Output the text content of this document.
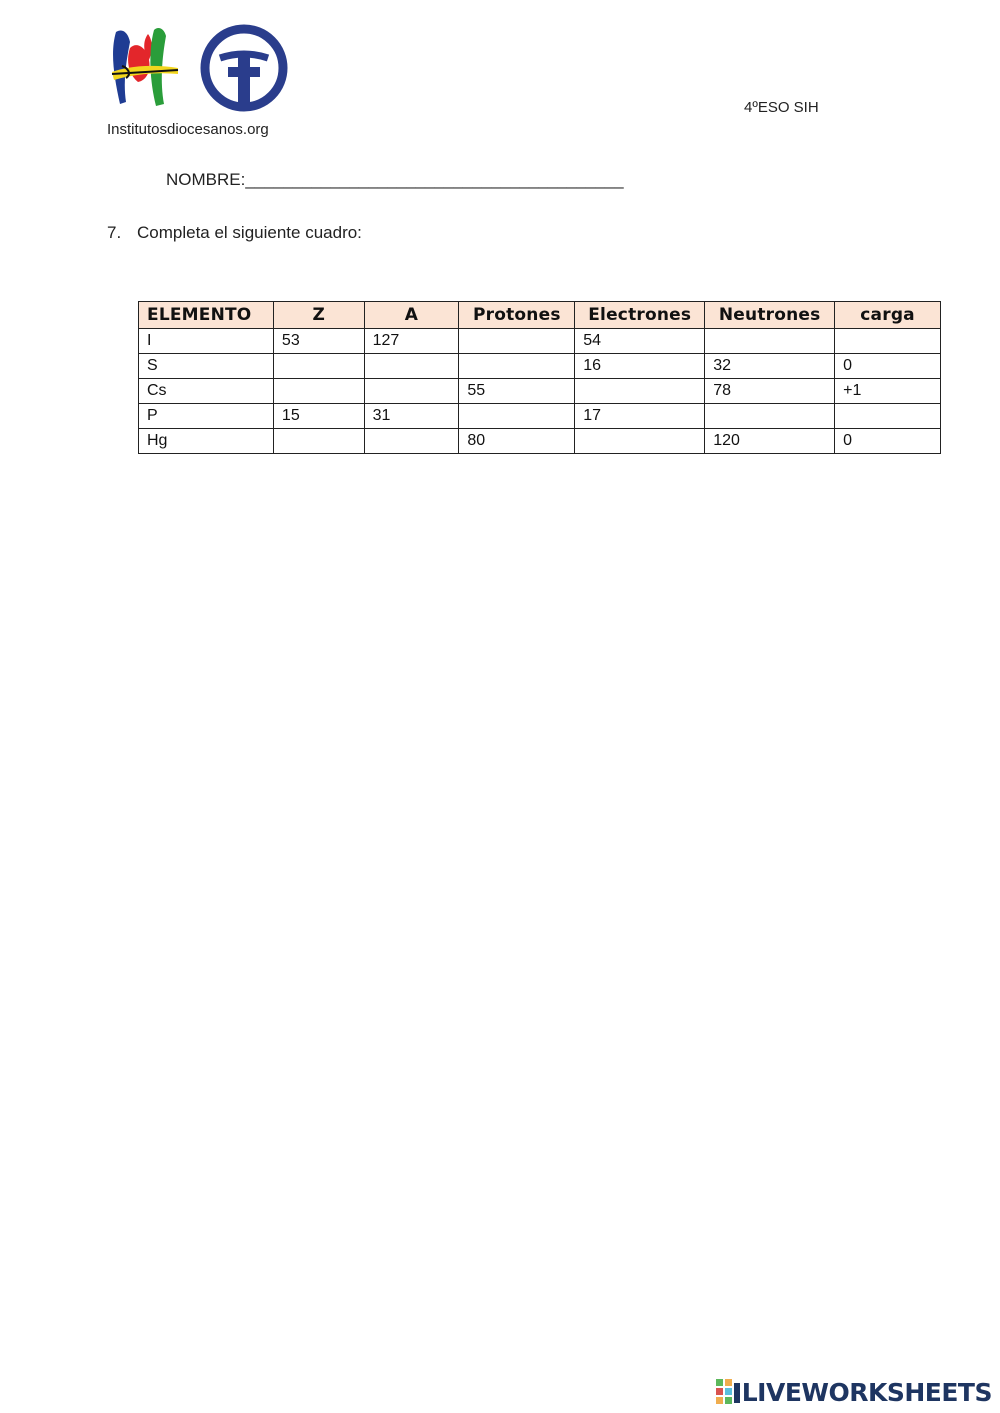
Institutosdiocesanos.org
4ºESO SIH
NOMBRE:________________________________________
7. Completa el siguiente cuadro:
ELEMENTO	Z	A	Protones	Electrones	Neutrones	carga
I	53	127		54		
S				16	32	0
Cs			55		78	+1
P	15	31		17		
Hg			80		120	0
LIVEWORKSHEETS
